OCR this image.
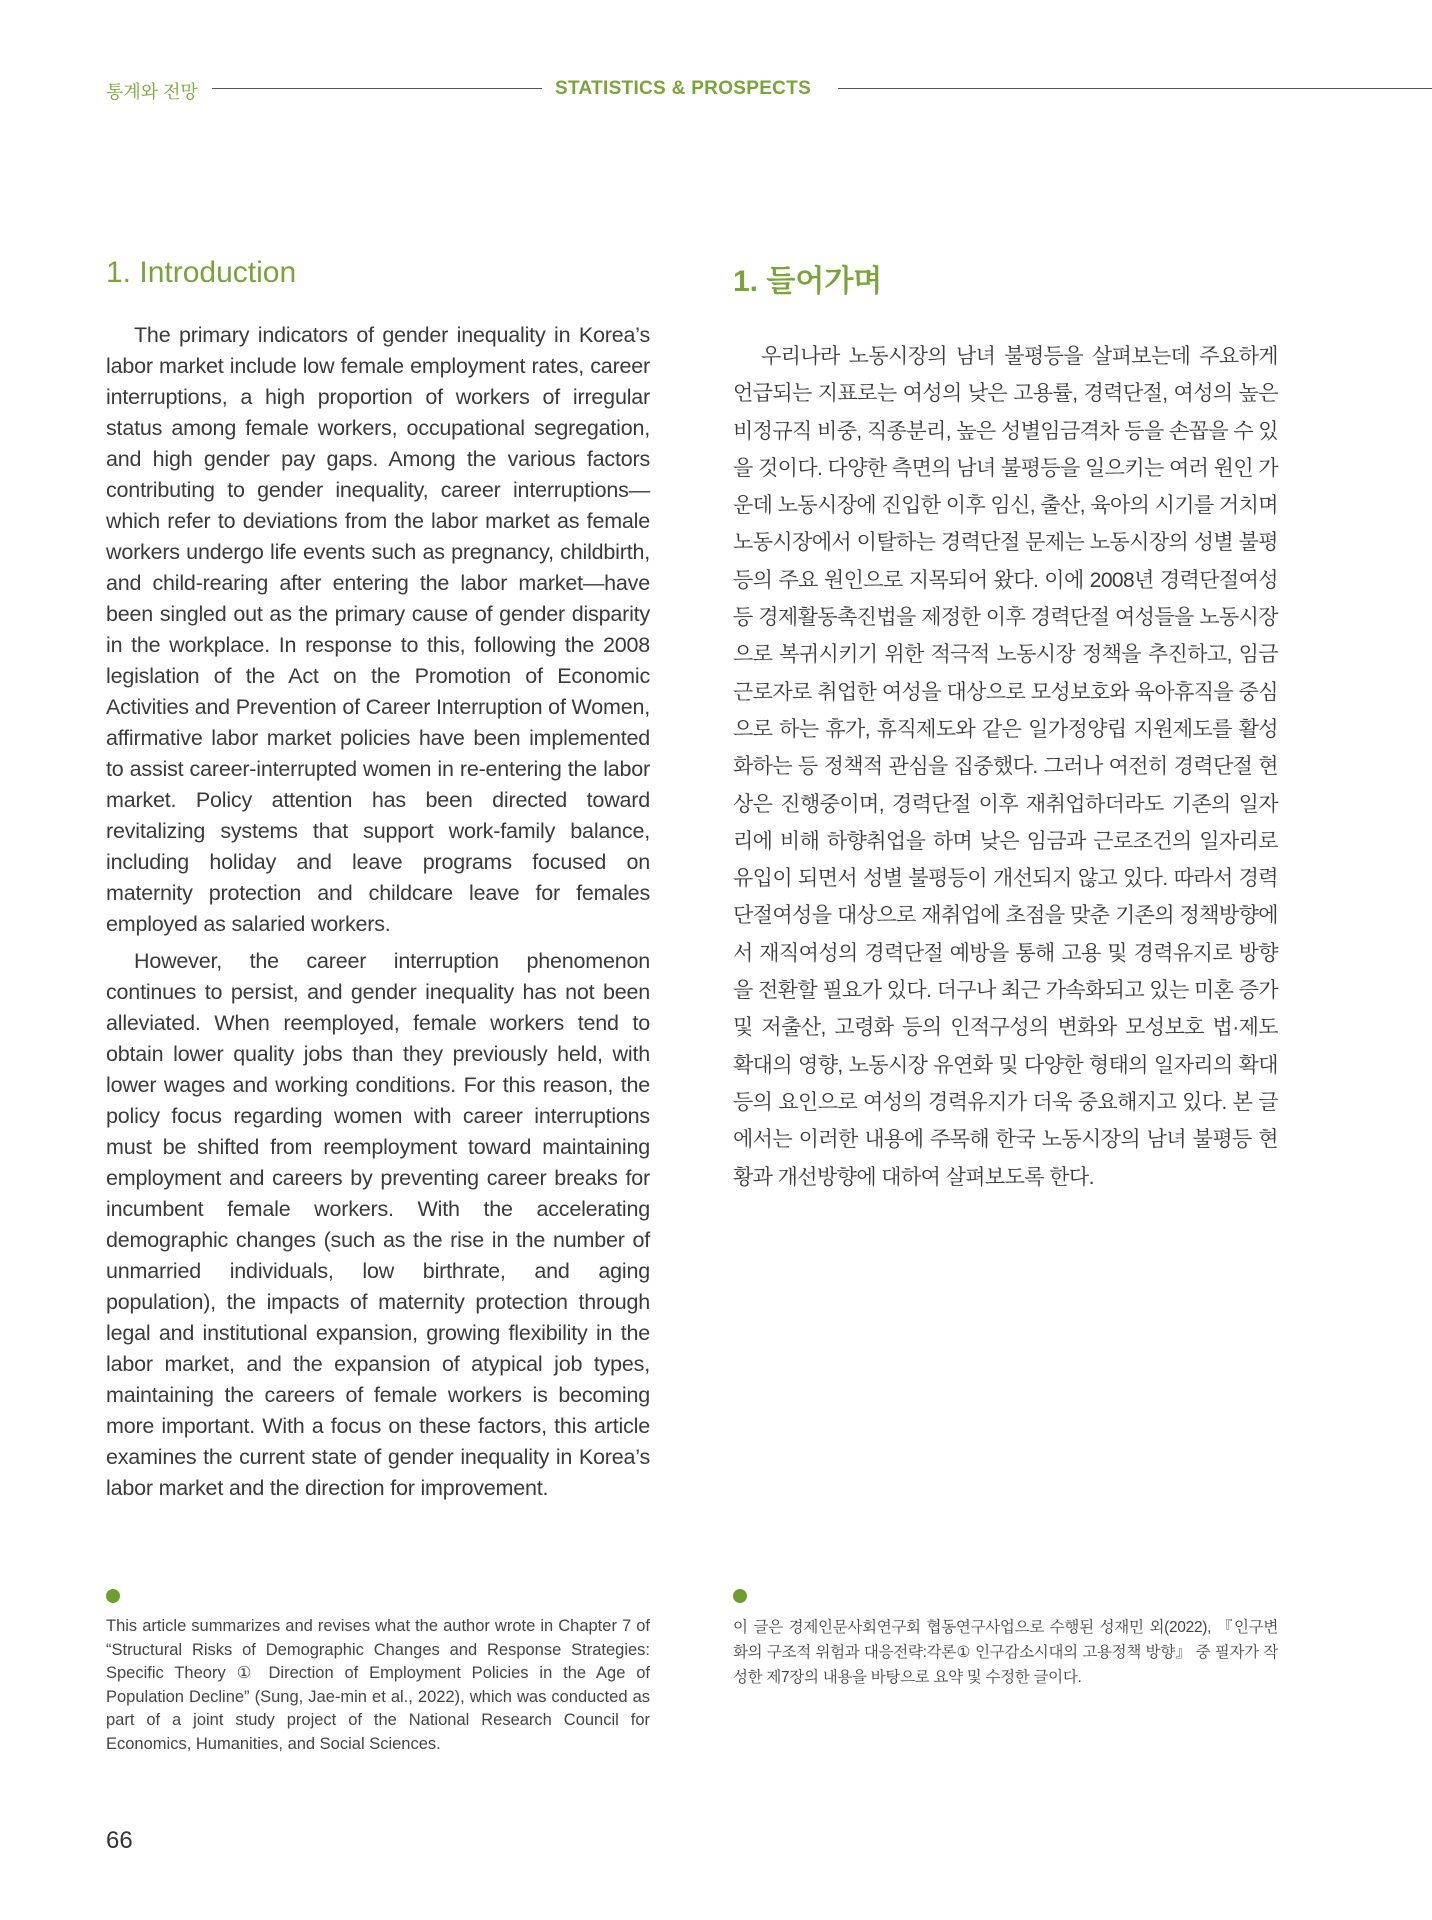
통계와 전망	STATISTICS & PROSPECTS
1. Introduction	1. 들어가며

The primary indicators of gender inequality in Korea’s labor market include low female employment rates, career interruptions, a high proportion of workers of irregular status among female workers, occupational segregation, and high gender pay gaps. Among the various factors contributing to gender inequality, career interruptions—which refer to deviations from the labor market as female workers undergo life events such as pregnancy, childbirth, and child-rearing after entering the labor market—have been singled out as the primary cause of gender disparity in the workplace. In response to this, following the 2008 legislation of the Act on the Promotion of Economic Activities and Prevention of Career Interruption of Women, affirmative labor market policies have been implemented to assist career-interrupted women in re-entering the labor market. Policy attention has been directed toward revitalizing systems that support work-family balance, including holiday and leave programs focused on maternity protection and childcare leave for females employed as salaried workers.

However, the career interruption phenomenon continues to persist, and gender inequality has not been alleviated. When reemployed, female workers tend to obtain lower quality jobs than they previously held, with lower wages and working conditions. For this reason, the policy focus regarding women with career interruptions must be shifted from reemployment toward maintaining employment and careers by preventing career breaks for incumbent female workers. With the accelerating demographic changes (such as the rise in the number of unmarried individuals, low birthrate, and aging population), the impacts of maternity protection through legal and institutional expansion, growing flexibility in the labor market, and the expansion of atypical job types, maintaining the careers of female workers is becoming more important. With a focus on these factors, this article examines the current state of gender inequality in Korea’s labor market and the direction for improvement.

우리나라 노동시장의 남녀 불평등을 살펴보는데 주요하게 언급되는 지표로는 여성의 낮은 고용률, 경력단절, 여성의 높은 비정규직 비중, 직종분리, 높은 성별임금격차 등을 손꼽을 수 있을 것이다. 다양한 측면의 남녀 불평등을 일으키는 여러 원인 가운데 노동시장에 진입한 이후 임신, 출산, 육아의 시기를 거치며 노동시장에서 이탈하는 경력단절 문제는 노동시장의 성별 불평등의 주요 원인으로 지목되어 왔다. 이에 2008년 경력단절여성 등 경제활동촉진법을 제정한 이후 경력단절 여성들을 노동시장으로 복귀시키기 위한 적극적 노동시장 정책을 추진하고, 임금근로자로 취업한 여성을 대상으로 모성보호와 육아휴직을 중심으로 하는 휴가, 휴직제도와 같은 일가정양립 지원제도를 활성화하는 등 정책적 관심을 집중했다. 그러나 여전히 경력단절 현상은 진행중이며, 경력단절 이후 재취업하더라도 기존의 일자리에 비해 하향취업을 하며 낮은 임금과 근로조건의 일자리로 유입이 되면서 성별 불평등이 개선되지 않고 있다. 따라서 경력단절여성을 대상으로 재취업에 초점을 맞춘 기존의 정책방향에서 재직여성의 경력단절 예방을 통해 고용 및 경력유지로 방향을 전환할 필요가 있다. 더구나 최근 가속화되고 있는 미혼 증가 및 저출산, 고령화 등의 인적구성의 변화와 모성보호 법·제도 확대의 영향, 노동시장 유연화 및 다양한 형태의 일자리의 확대 등의 요인으로 여성의 경력유지가 더욱 중요해지고 있다. 본 글에서는 이러한 내용에 주목해 한국 노동시장의 남녀 불평등 현황과 개선방향에 대하여 살펴보도록 한다.

This article summarizes and revises what the author wrote in Chapter 7 of “Structural Risks of Demographic Changes and Response Strategies: Specific Theory ① Direction of Employment Policies in the Age of Population Decline” (Sung, Jae-min et al., 2022), which was conducted as part of a joint study project of the National Research Council for Economics, Humanities, and Social Sciences.

이 글은 경제인문사회연구회 협동연구사업으로 수행된 성재민 외(2022), 『인구변화의 구조적 위험과 대응전략:각론① 인구감소시대의 고용정책 방향』 중 필자가 작성한 제7장의 내용을 바탕으로 요약 및 수정한 글이다.

66
